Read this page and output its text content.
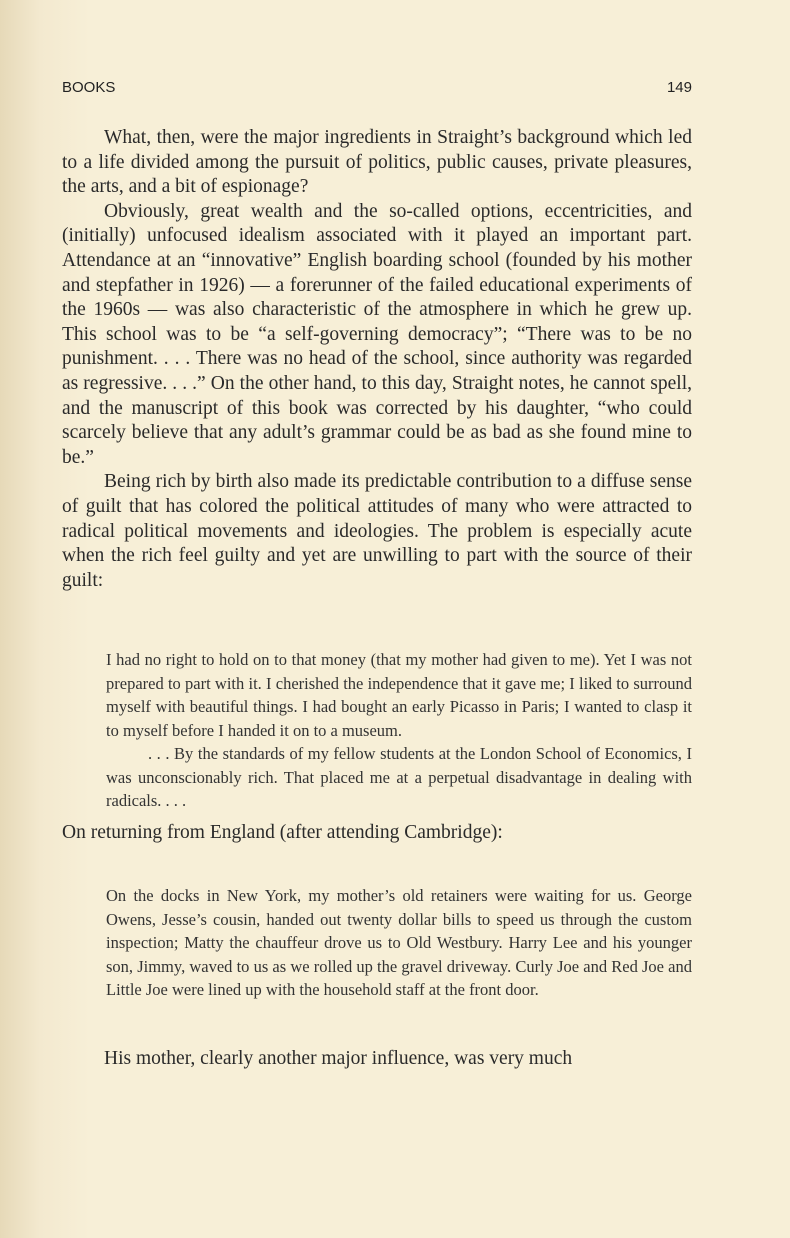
BOOKS	149

What, then, were the major ingredients in Straight’s background which led to a life divided among the pursuit of politics, public causes, private pleasures, the arts, and a bit of espionage?

Obviously, great wealth and the so-called options, eccentricities, and (initially) unfocused idealism associated with it played an important part. Attendance at an “innovative” English boarding school (founded by his mother and stepfather in 1926) — a forerunner of the failed educational experiments of the 1960s — was also characteristic of the atmosphere in which he grew up. This school was to be “a self-governing democracy”; “There was to be no punishment. . . . There was no head of the school, since authority was regarded as regressive. . . .” On the other hand, to this day, Straight notes, he cannot spell, and the manuscript of this book was corrected by his daughter, “who could scarcely believe that any adult’s grammar could be as bad as she found mine to be.”

Being rich by birth also made its predictable contribution to a diffuse sense of guilt that has colored the political attitudes of many who were attracted to radical political movements and ideologies. The problem is especially acute when the rich feel guilty and yet are unwilling to part with the source of their guilt:

I had no right to hold on to that money (that my mother had given to me). Yet I was not prepared to part with it. I cherished the independence that it gave me; I liked to surround myself with beautiful things. I had bought an early Picasso in Paris; I wanted to clasp it to myself before I handed it on to a museum.
. . . By the standards of my fellow students at the London School of Economics, I was unconscionably rich. That placed me at a perpetual disadvantage in dealing with radicals. . . .

On returning from England (after attending Cambridge):

On the docks in New York, my mother’s old retainers were waiting for us. George Owens, Jesse’s cousin, handed out twenty dollar bills to speed us through the custom inspection; Matty the chauffeur drove us to Old Westbury. Harry Lee and his younger son, Jimmy, waved to us as we rolled up the gravel driveway. Curly Joe and Red Joe and Little Joe were lined up with the household staff at the front door.

His mother, clearly another major influence, was very much
